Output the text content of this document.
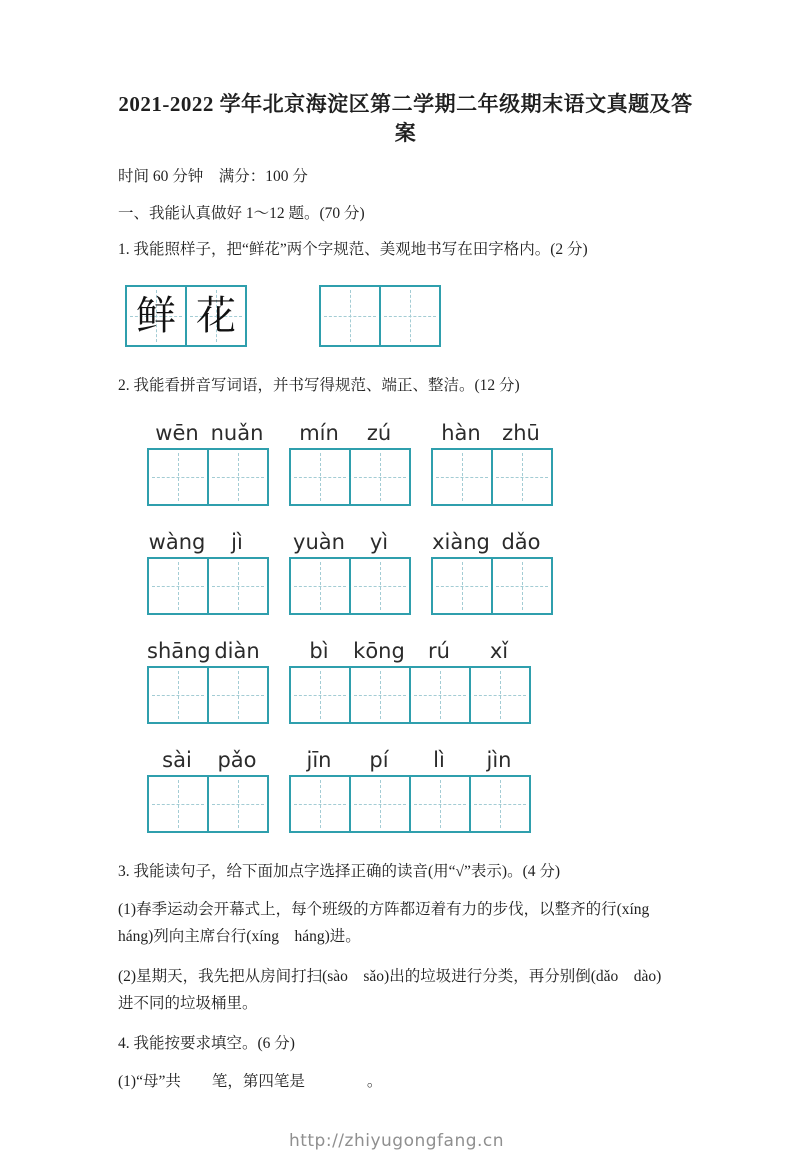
2021-2022 学年北京海淀区第二学期二年级期末语文真题及答案
时间 60 分钟　满分：100 分
一、我能认真做好 1～12 题。(70 分)
1. 我能照样子，把“鲜花”两个字规范、美观地书写在田字格内。(2 分)
鲜 花
2. 我能看拼音写词语，并书写得规范、端正、整洁。(12 分)
wēn nuǎn	mín	zú	hàn	zhū
wàng	jì	yuàn	yì	xiàng dǎo
shāng diàn	bì	kōng	rú	xǐ
sài	pǎo	jīn	pí	lì	jìn
3. 我能读句子，给下面加点字选择正确的读音(用“√”表示)。(4 分)
(1)春季运动会开幕式上，每个班级的方阵都迈着有力的步伐，以整齐的行(xíng　háng)列向主席台行(xíng　háng)进。
(2)星期天，我先把从房间打扫(sào　sǎo)出的垃圾进行分类，再分别倒(dǎo　dào)进不同的垃圾桶里。
4. 我能按要求填空。(6 分)
(1)“母”共　　笔，第四笔是　　　　。
http://zhiyugongfang.cn
